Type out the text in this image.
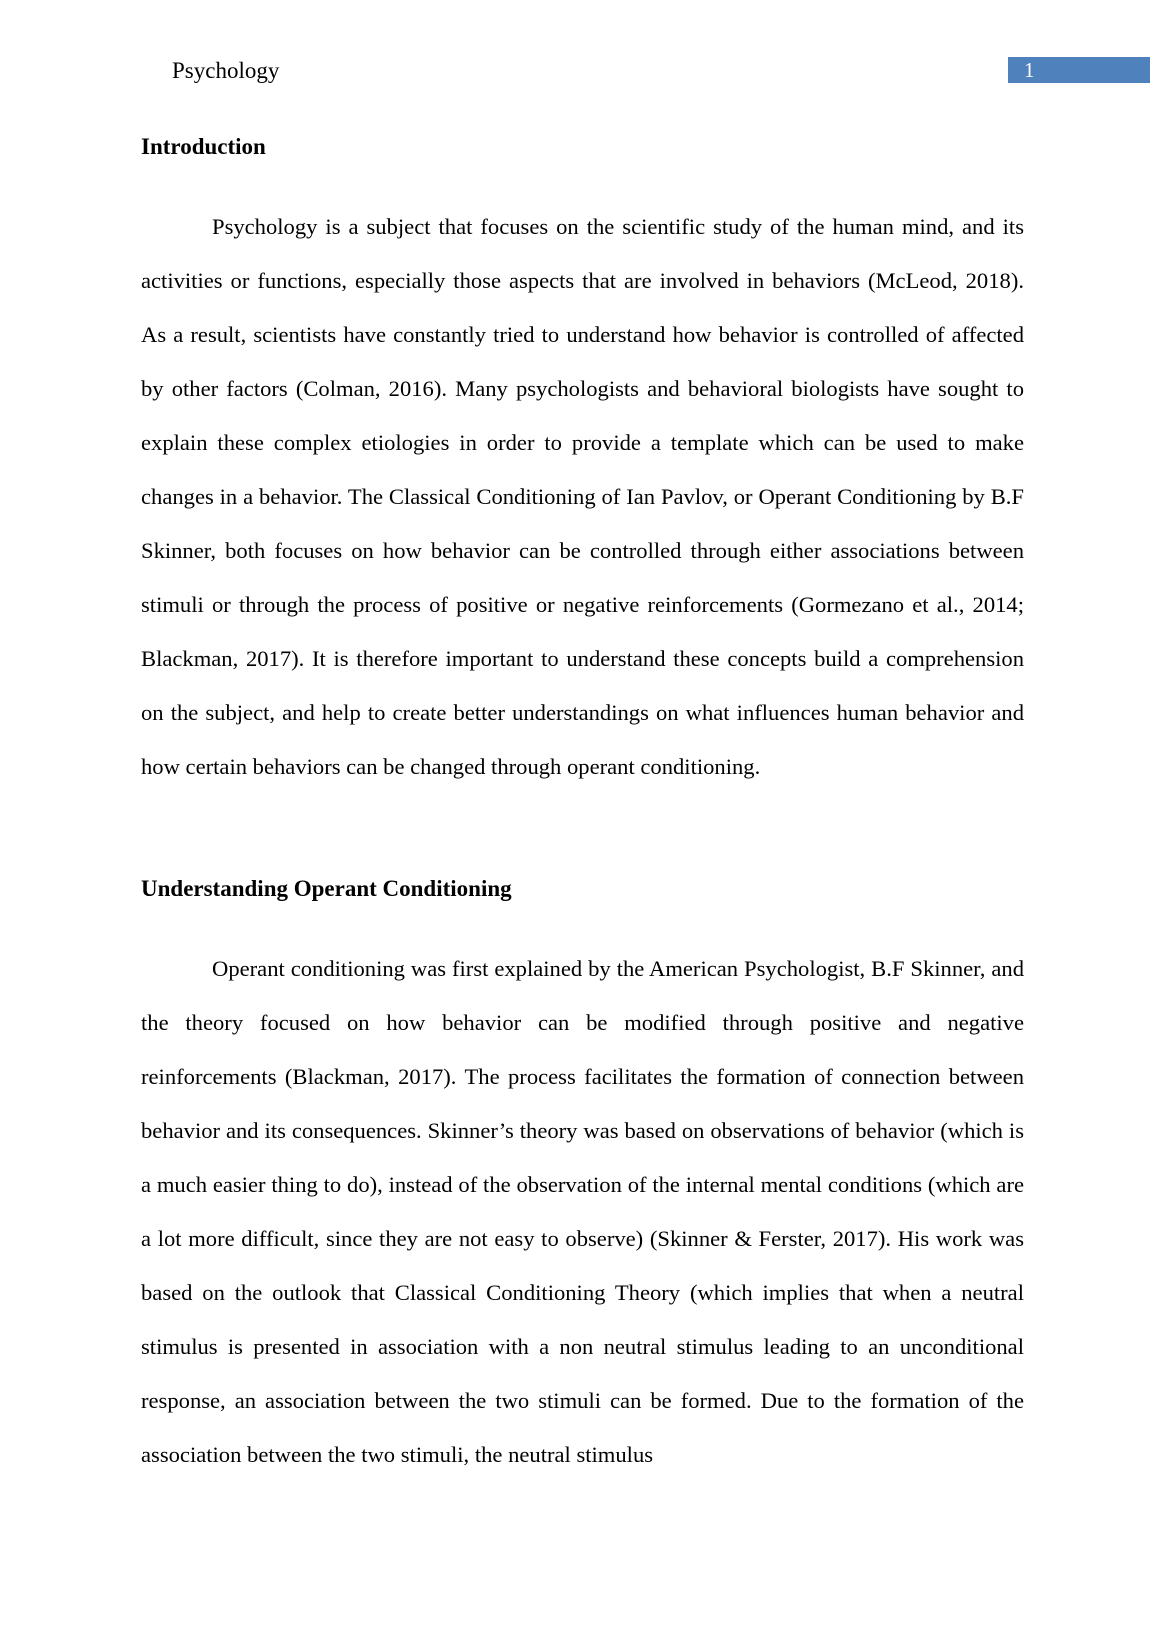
Psychology	1
Introduction

Psychology is a subject that focuses on the scientific study of the human mind, and its activities or functions, especially those aspects that are involved in behaviors (McLeod, 2018). As a result, scientists have constantly tried to understand how behavior is controlled of affected by other factors (Colman, 2016). Many psychologists and behavioral biologists have sought to explain these complex etiologies in order to provide a template which can be used to make changes in a behavior. The Classical Conditioning of Ian Pavlov, or Operant Conditioning by B.F Skinner, both focuses on how behavior can be controlled through either associations between stimuli or through the process of positive or negative reinforcements (Gormezano et al., 2014; Blackman, 2017). It is therefore important to understand these concepts build a comprehension on the subject, and help to create better understandings on what influences human behavior and how certain behaviors can be changed through operant conditioning.

Understanding Operant Conditioning

Operant conditioning was first explained by the American Psychologist, B.F Skinner, and the theory focused on how behavior can be modified through positive and negative reinforcements (Blackman, 2017). The process facilitates the formation of connection between behavior and its consequences. Skinner’s theory was based on observations of behavior (which is a much easier thing to do), instead of the observation of the internal mental conditions (which are a lot more difficult, since they are not easy to observe) (Skinner & Ferster, 2017). His work was based on the outlook that Classical Conditioning Theory (which implies that when a neutral stimulus is presented in association with a non neutral stimulus leading to an unconditional response, an association between the two stimuli can be formed. Due to the formation of the association between the two stimuli, the neutral stimulus
